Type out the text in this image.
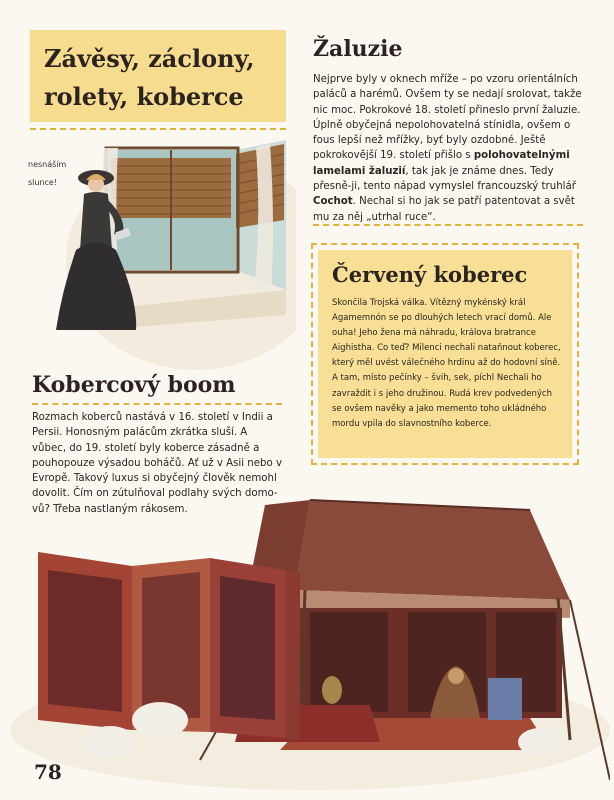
Závěsy, záclony,
rolety, koberce
Žaluzie
Nejprve byly v oknech mříže – po vzoru orientálních paláců a harémů. Ovšem ty se nedají srolovat, takže nic moc. Pokrokové 18. století přineslo první žaluzie. Úplně obyčejná nepolohovatelná stínidla, ovšem o fous lepší než mřížky, byť byly ozdobné. Ještě pokrokovější 19. století přišlo s polohovatelnými lamelami žaluzií, tak jak je známe dnes. Tedy přesně-ji, tento nápad vymyslel francouzský truhlář Cochot. Nechal si ho jak se patří patentovat a svět mu za něj „utrhal ruce“.
nesnáším slunce!
Červený koberec
Skončila Trojská válka. Vítězný mykénský král Agamemnón se po dlouhých letech vrací domů. Ale ouha! Jeho žena má náhradu, králova bratrance Aighistha. Co teď? Milenci nechali nataňnout koberec, který měl uvést válečného hrdinu až do hodovní síně. A tam, místo pečínky – švih, sek, píchl Nechali ho zavraždit i s jeho družinou. Rudá krev podvedených se ovšem navěky a jako memento toho ukládného mordu vpila do slavnostního koberce.
Kobercový boom
Rozmach koberců nastává v 16. století v Indii a Persii. Honosným palácům zkrátka sluší. A vůbec, do 19. století byly koberce zásadně a pouhopouze výsadou boháčů. Ať už v Asii nebo v Evropě. Takový luxus si obyčejný člověk nemohl dovolit. Čím on zútulňoval podlahy svých domo-vů? Třeba nastlaným rákosem.
78
